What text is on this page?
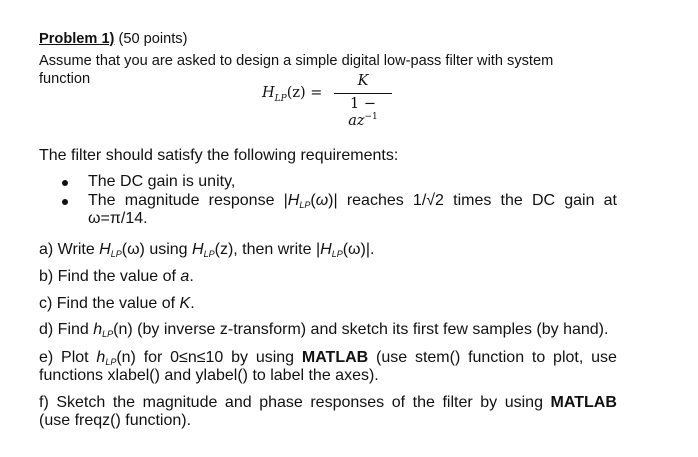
Problem 1) (50 points)
Assume that you are asked to design a simple digital low-pass filter with system
function
$H_{LP}(z)$ =
K
$1 - az^{-1}$
The filter should satisfy the following requirements:
The DC gain is unity,
The magnitude response $|H_{LP}(\omega)|$ reaches 1/√2 times the DC gain at
ω=π/14.
a) Write $H_{LP}(\omega)$ using $H_{LP}(z)$, then write $|H_{LP}(\omega)|$.
b) Find the value of a.
c) Find the value of K.
d) Find $h_{LP}(n)$ (by inverse z-transform) and sketch its first few samples (by hand).
e) Plot $h_{LP}(n)$ for 0≤n≤10 by using MATLAB (use stem() function to plot, use
functions xlabel() and ylabel() to label the axes).
f) Sketch the magnitude and phase responses of the filter by using MATLAB
(use freqz() function).
